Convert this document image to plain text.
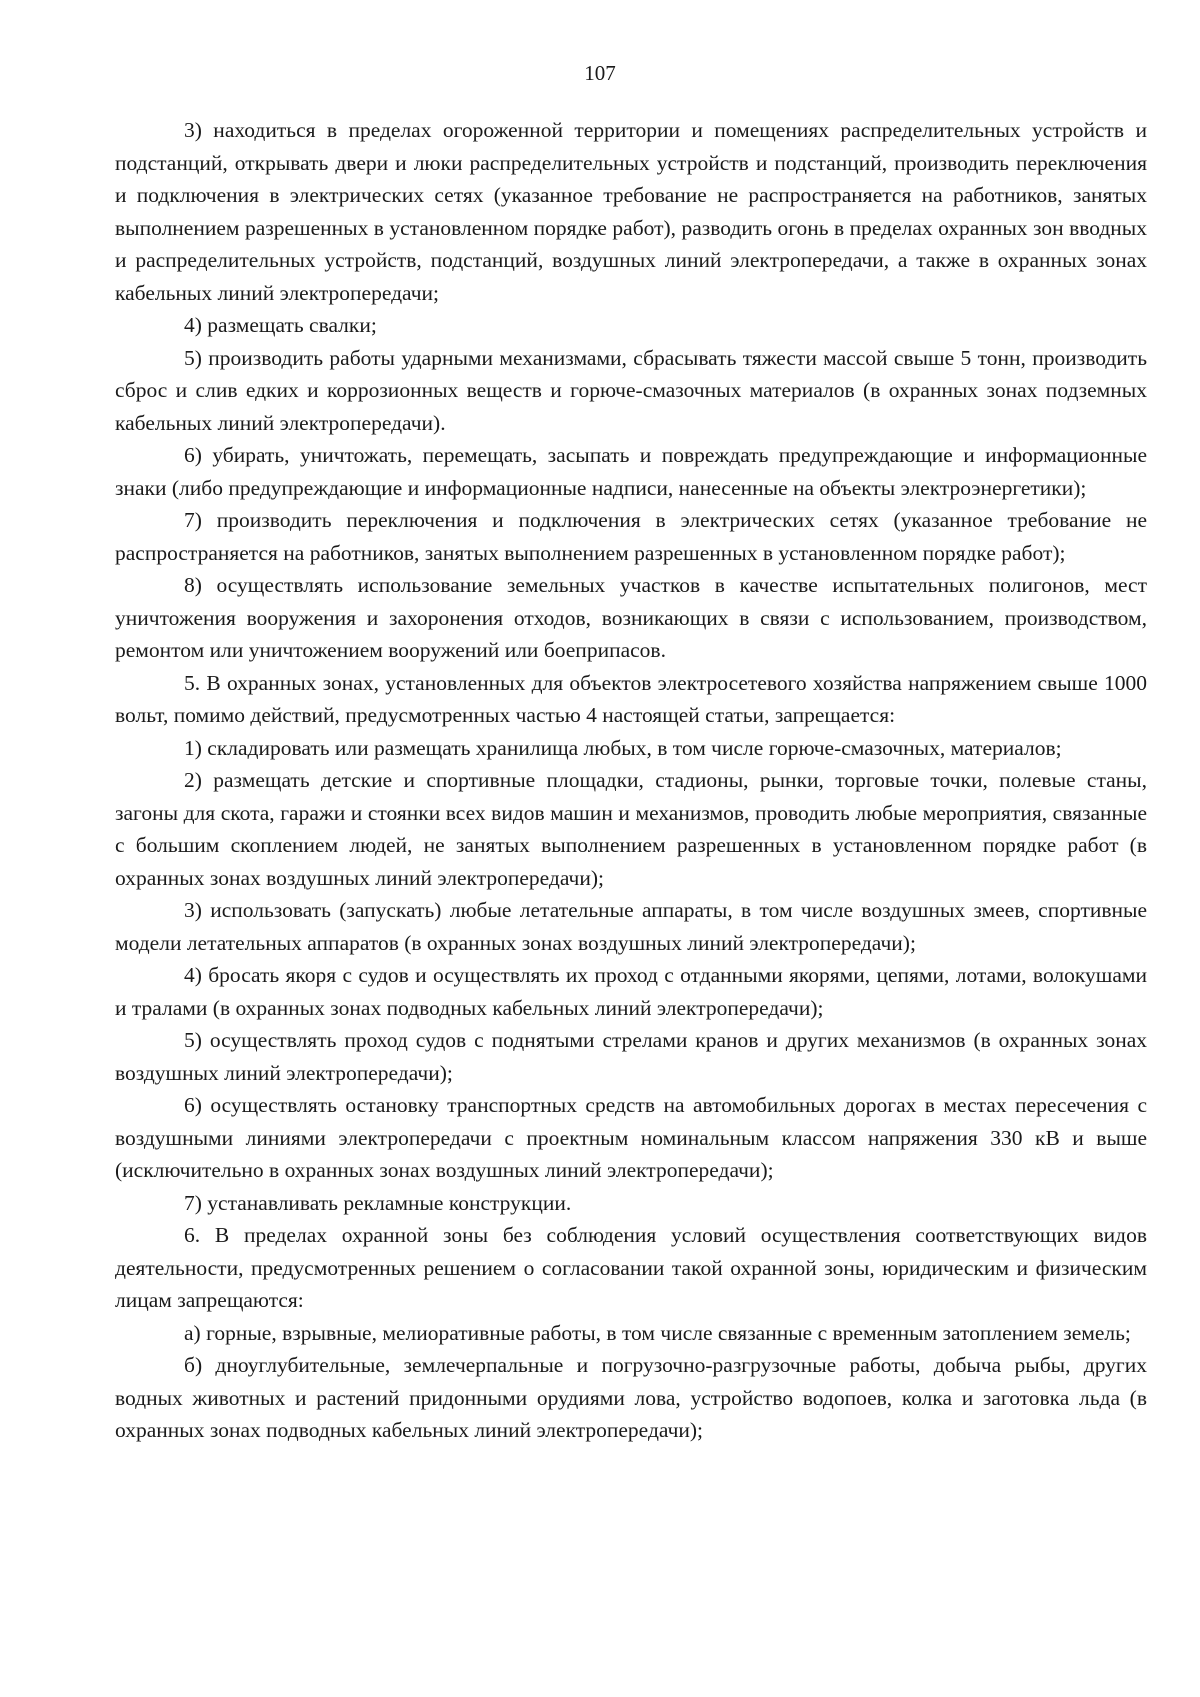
107

3) находиться в пределах огороженной территории и помещениях распределительных устройств и подстанций, открывать двери и люки распределительных устройств и подстанций, производить переключения и подключения в электрических сетях (указанное требование не распространяется на работников, занятых выполнением разрешенных в установленном порядке работ), разводить огонь в пределах охранных зон вводных и распределительных устройств, подстанций, воздушных линий электропередачи, а также в охранных зонах кабельных линий электропередачи;

4) размещать свалки;

5) производить работы ударными механизмами, сбрасывать тяжести массой свыше 5 тонн, производить сброс и слив едких и коррозионных веществ и горюче-смазочных материалов (в охранных зонах подземных кабельных линий электропередачи).

6) убирать, уничтожать, перемещать, засыпать и повреждать предупреждающие и информационные знаки (либо предупреждающие и информационные надписи, нанесенные на объекты электроэнергетики);

7) производить переключения и подключения в электрических сетях (указанное требование не распространяется на работников, занятых выполнением разрешенных в установленном порядке работ);

8) осуществлять использование земельных участков в качестве испытательных полигонов, мест уничтожения вооружения и захоронения отходов, возникающих в связи с использованием, производством, ремонтом или уничтожением вооружений или боеприпасов.

5. В охранных зонах, установленных для объектов электросетевого хозяйства напряжением свыше 1000 вольт, помимо действий, предусмотренных частью 4 настоящей статьи, запрещается:

1) складировать или размещать хранилища любых, в том числе горюче-смазочных, материалов;

2) размещать детские и спортивные площадки, стадионы, рынки, торговые точки, полевые станы, загоны для скота, гаражи и стоянки всех видов машин и механизмов, проводить любые мероприятия, связанные с большим скоплением людей, не занятых выполнением разрешенных в установленном порядке работ (в охранных зонах воздушных линий электропередачи);

3) использовать (запускать) любые летательные аппараты, в том числе воздушных змеев, спортивные модели летательных аппаратов (в охранных зонах воздушных линий электропередачи);

4) бросать якоря с судов и осуществлять их проход с отданными якорями, цепями, лотами, волокушами и тралами (в охранных зонах подводных кабельных линий электропередачи);

5) осуществлять проход судов с поднятыми стрелами кранов и других механизмов (в охранных зонах воздушных линий электропередачи);

6) осуществлять остановку транспортных средств на автомобильных дорогах в местах пересечения с воздушными линиями электропередачи с проектным номинальным классом напряжения 330 кВ и выше (исключительно в охранных зонах воздушных линий электропередачи);

7) устанавливать рекламные конструкции.

6. В пределах охранной зоны без соблюдения условий осуществления соответствующих видов деятельности, предусмотренных решением о согласовании такой охранной зоны, юридическим и физическим лицам запрещаются:

а) горные, взрывные, мелиоративные работы, в том числе связанные с временным затоплением земель;

б) дноуглубительные, землечерпальные и погрузочно-разгрузочные работы, добыча рыбы, других водных животных и растений придонными орудиями лова, устройство водопоев, колка и заготовка льда (в охранных зонах подводных кабельных линий электропередачи);
